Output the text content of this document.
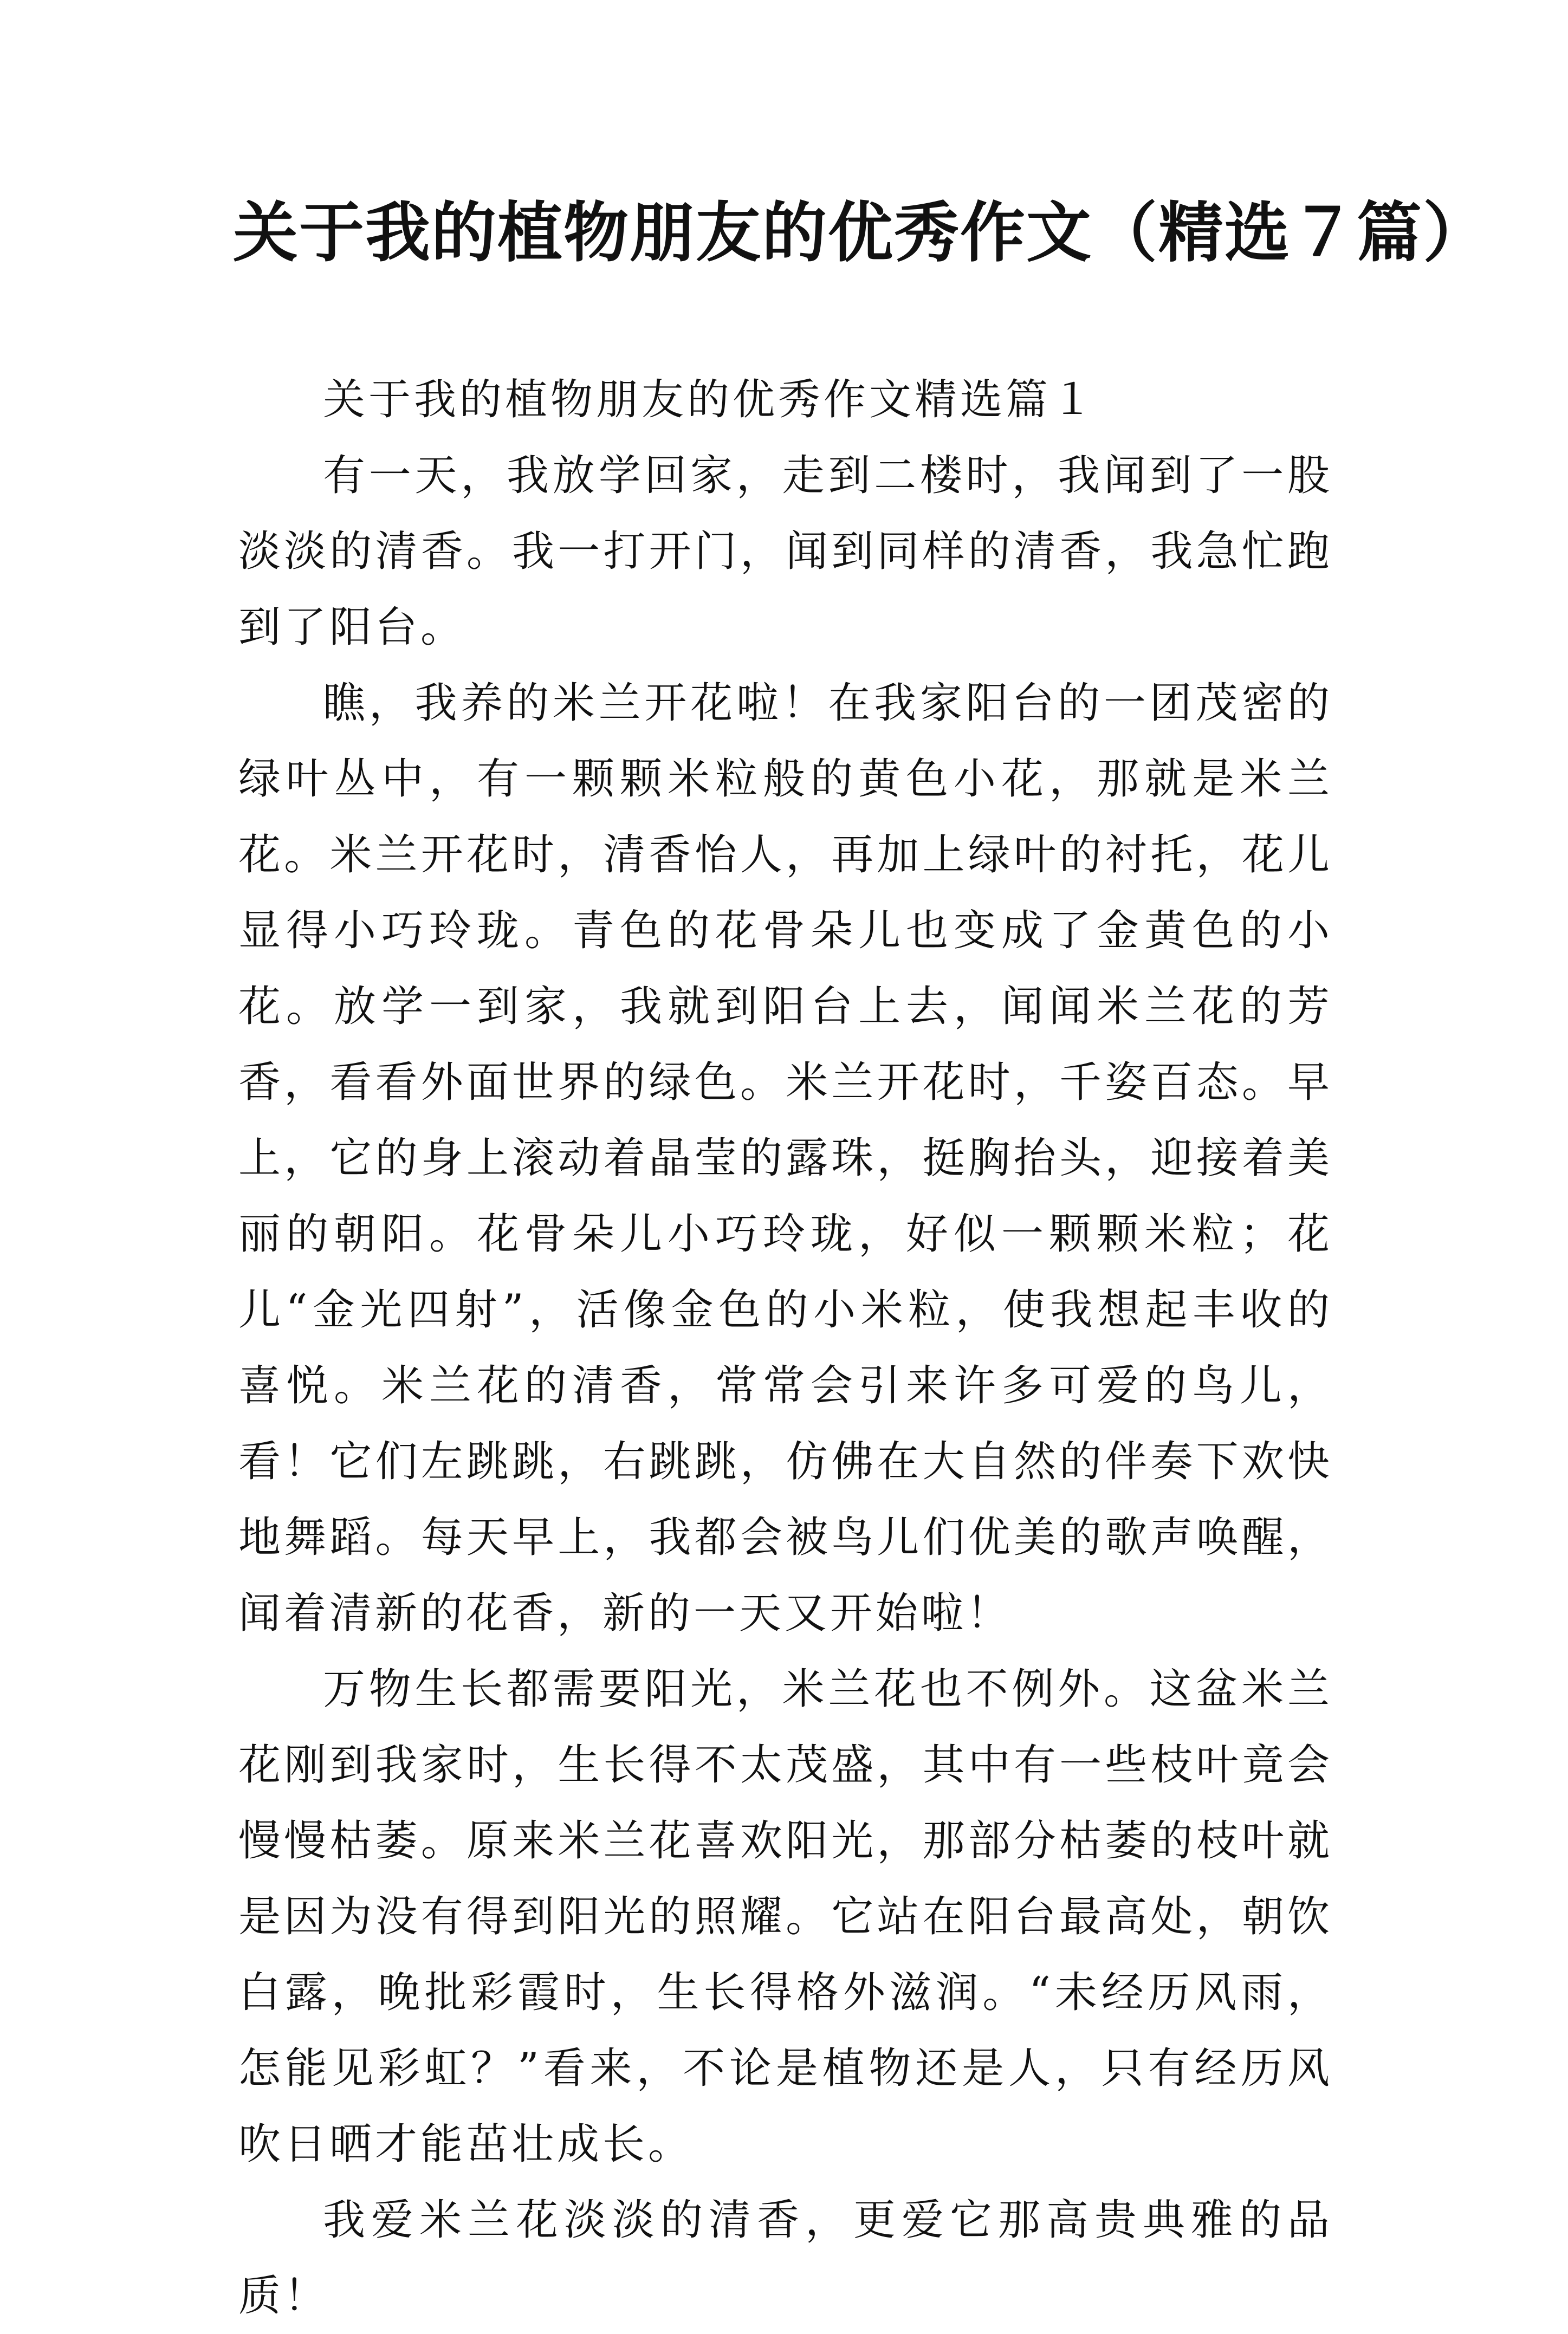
关于我的植物朋友的优秀作文（精选７篇）

关于我的植物朋友的优秀作文精选篇１

有一天，我放学回家，走到二楼时，我闻到了一股淡淡的清香。我一打开门，闻到同样的清香，我急忙跑到了阳台。

瞧，我养的米兰开花啦！在我家阳台的一团茂密的绿叶丛中，有一颗颗米粒般的黄色小花，那就是米兰花。米兰开花时，清香怡人，再加上绿叶的衬托，花儿显得小巧玲珑。青色的花骨朵儿也变成了金黄色的小花。放学一到家，我就到阳台上去，闻闻米兰花的芳香，看看外面世界的绿色。米兰开花时，千姿百态。早上，它的身上滚动着晶莹的露珠，挺胸抬头，迎接着美丽的朝阳。花骨朵儿小巧玲珑，好似一颗颗米粒；花儿“金光四射”，活像金色的小米粒，使我想起丰收的喜悦。米兰花的清香，常常会引来许多可爱的鸟儿，看！它们左跳跳，右跳跳，仿佛在大自然的伴奏下欢快地舞蹈。每天早上，我都会被鸟儿们优美的歌声唤醒，闻着清新的花香，新的一天又开始啦！

万物生长都需要阳光，米兰花也不例外。这盆米兰花刚到我家时，生长得不太茂盛，其中有一些枝叶竟会慢慢枯萎。原来米兰花喜欢阳光，那部分枯萎的枝叶就是因为没有得到阳光的照耀。它站在阳台最高处，朝饮白露，晚批彩霞时，生长得格外滋润。“未经历风雨，怎能见彩虹？”看来，不论是植物还是人，只有经历风吹日晒才能茁壮成长。

我爱米兰花淡淡的清香，更爱它那高贵典雅的品质！
